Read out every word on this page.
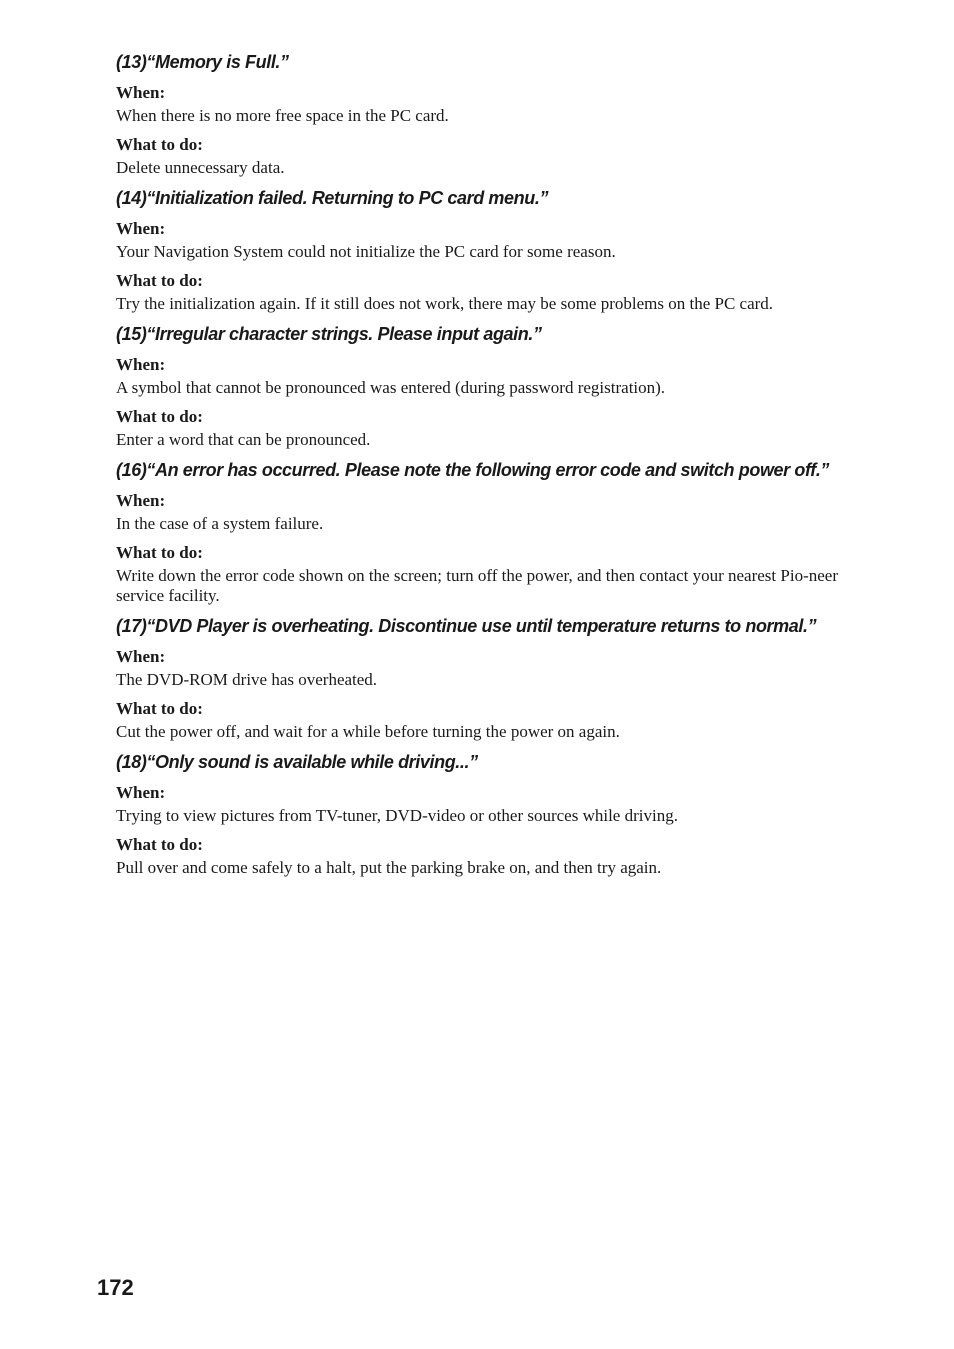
(13)“Memory is Full.”
When:
When there is no more free space in the PC card.
What to do:
Delete unnecessary data.
(14)“Initialization failed. Returning to PC card menu.”
When:
Your Navigation System could not initialize the PC card for some reason.
What to do:
Try the initialization again. If it still does not work, there may be some problems on the PC card.
(15)“Irregular character strings. Please input again.”
When:
A symbol that cannot be pronounced was entered (during password registration).
What to do:
Enter a word that can be pronounced.
(16)“An error has occurred. Please note the following error code and switch power off.”
When:
In the case of a system failure.
What to do:
Write down the error code shown on the screen; turn off the power, and then contact your nearest Pio-neer service facility.
(17)“DVD Player is overheating. Discontinue use until temperature returns to normal.”
When:
The DVD-ROM drive has overheated.
What to do:
Cut the power off, and wait for a while before turning the power on again.
(18)“Only sound is available while driving...”
When:
Trying to view pictures from TV-tuner, DVD-video or other sources while driving.
What to do:
Pull over and come safely to a halt, put the parking brake on, and then try again.
172
